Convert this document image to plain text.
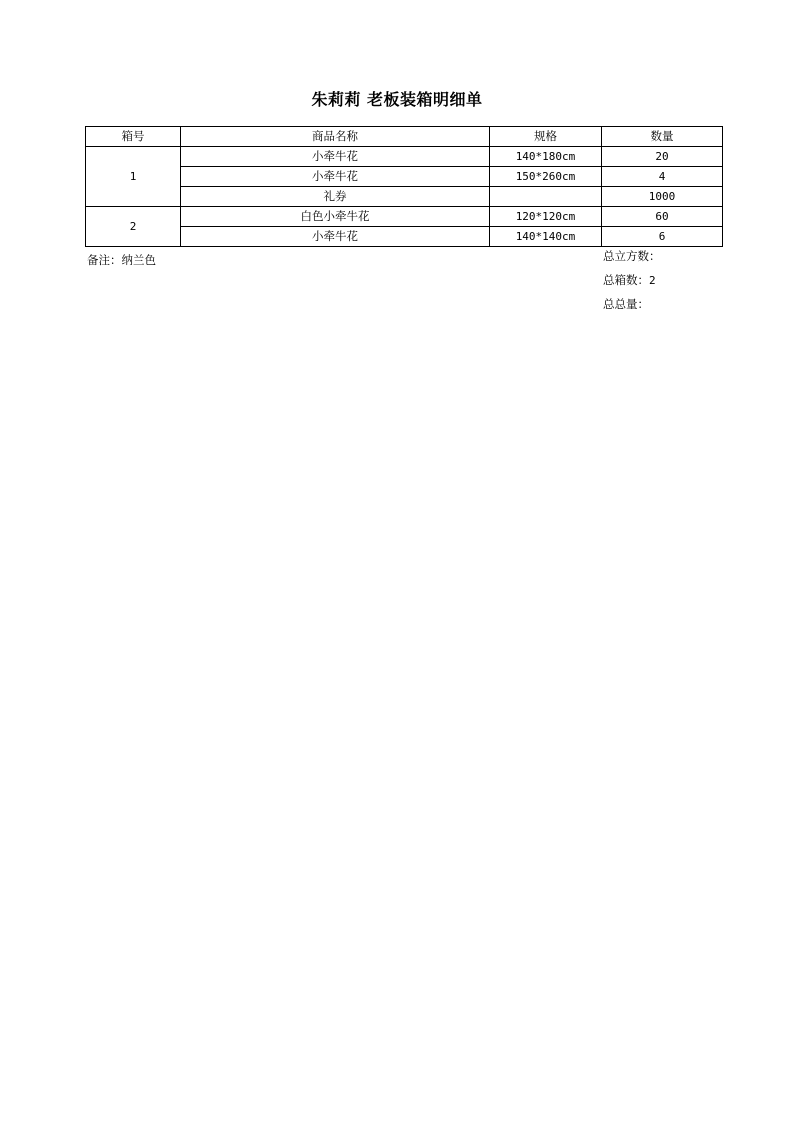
朱莉莉 老板装箱明细单
箱号	商品名称	规格	数量
1	小牵牛花	140*180cm	20
	小牵牛花	150*260cm	4
	礼券		1000
2	白色小牵牛花	120*120cm	60
	小牵牛花	140*140cm	6
备注：纳兰色	总立方数：
总箱数：2
总总量：
